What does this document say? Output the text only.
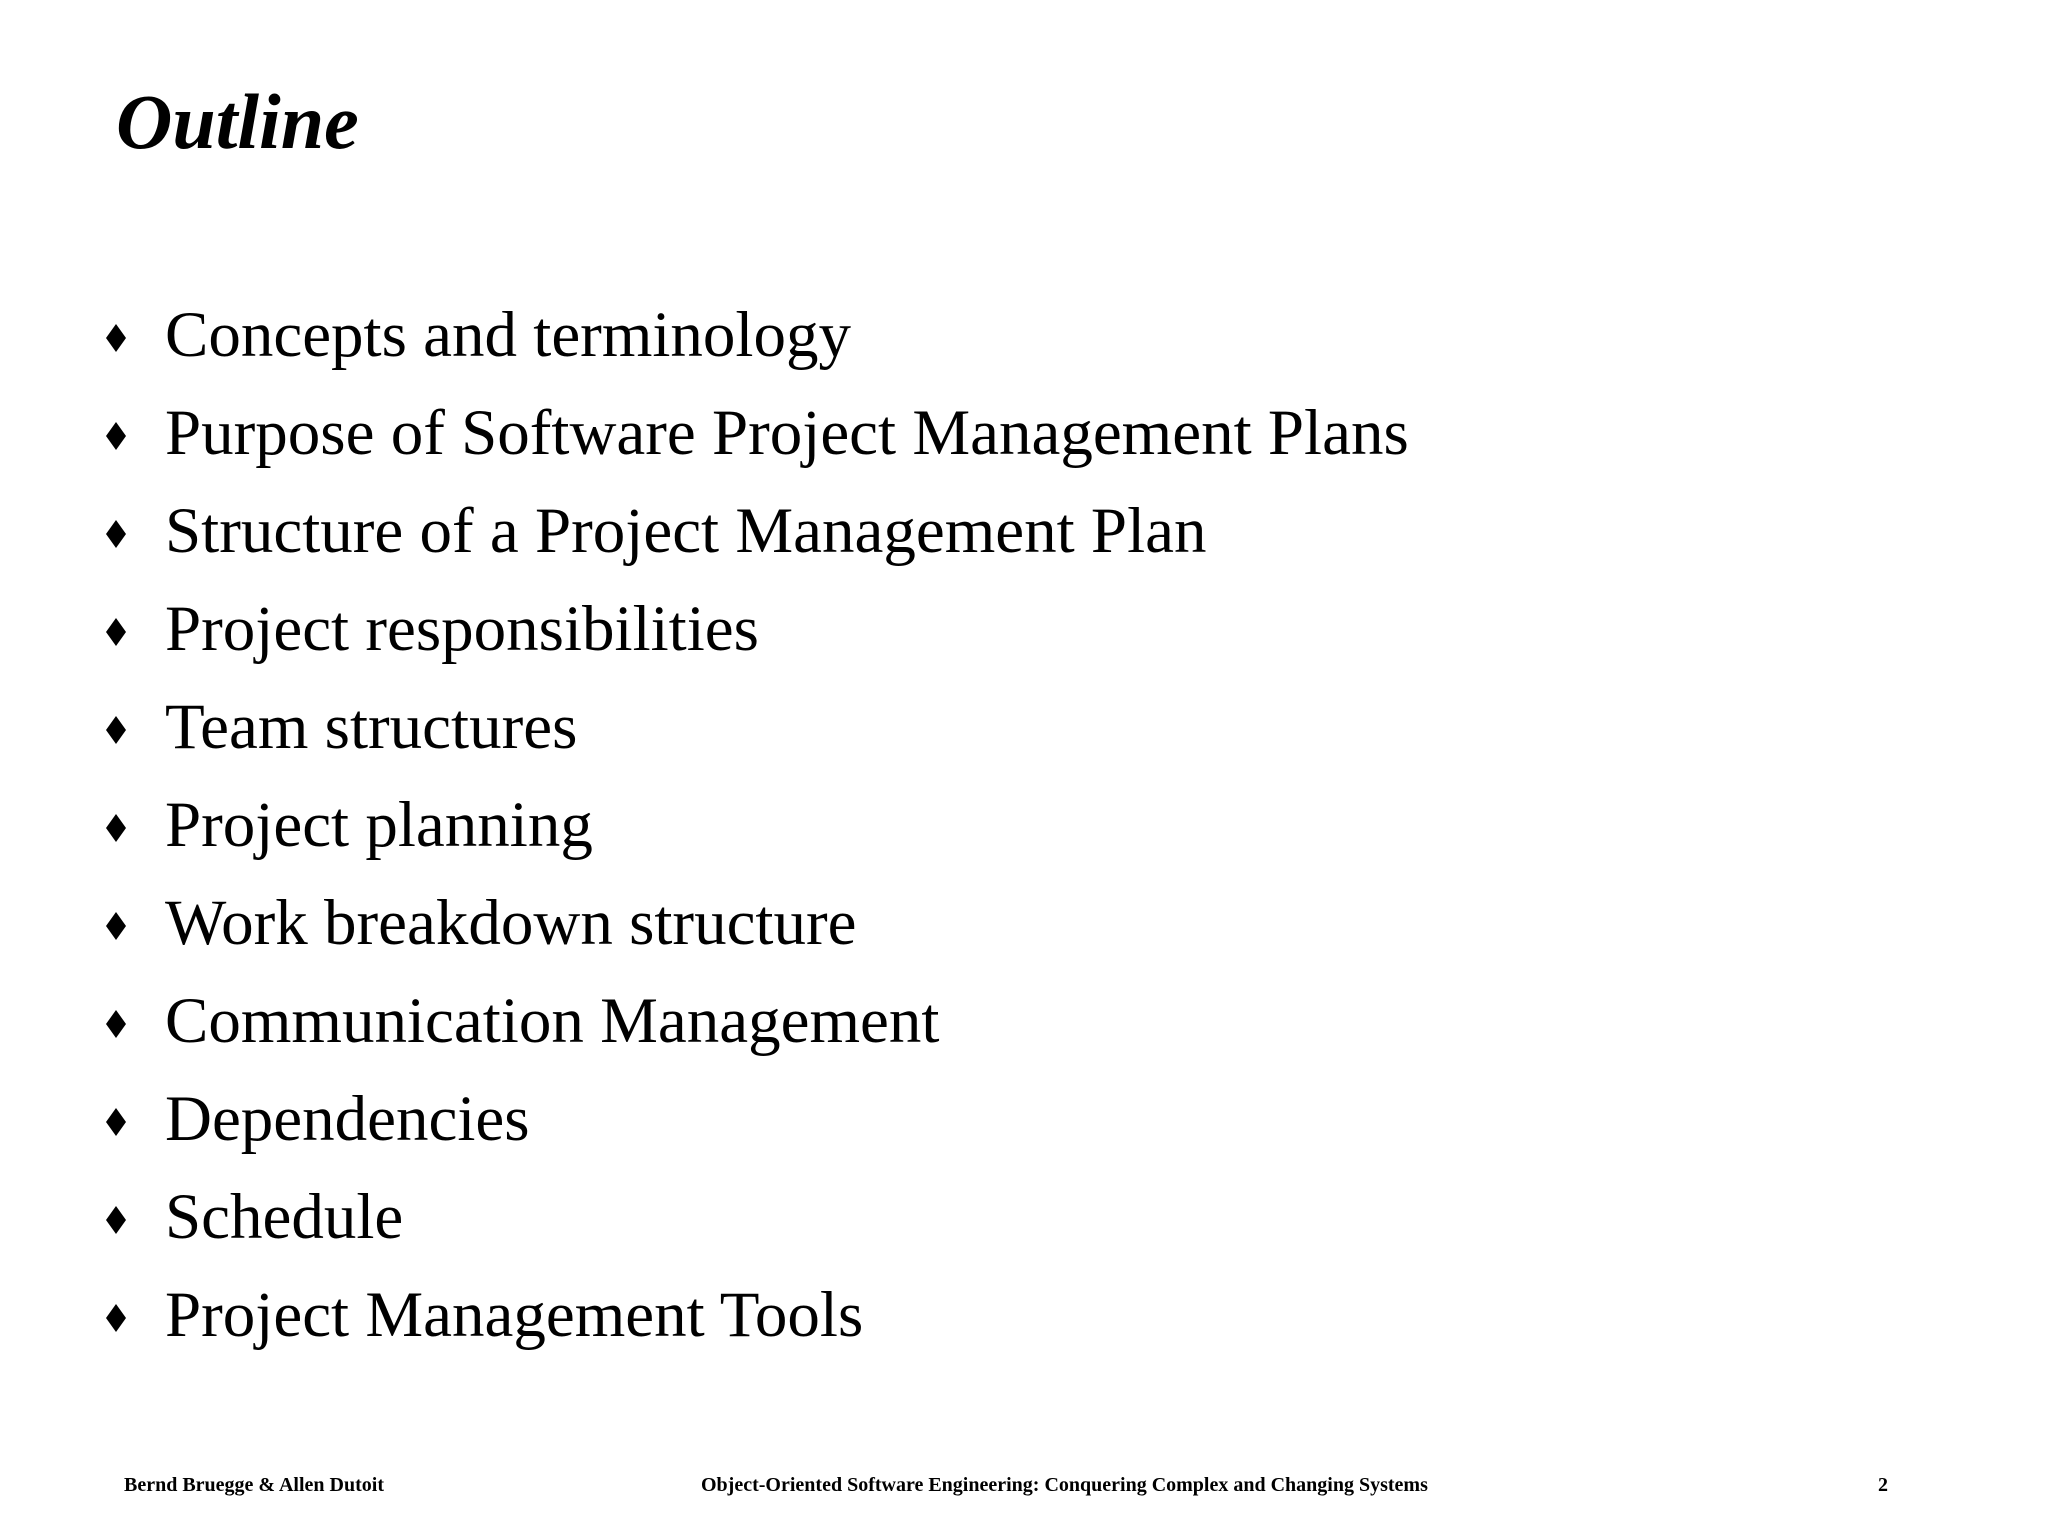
Outline
Concepts and terminology
Purpose of Software Project Management Plans
Structure of a Project Management Plan
Project responsibilities
Team structures
Project planning
Work breakdown structure
Communication Management
Dependencies
Schedule
Project Management Tools
Bernd Bruegge & Allen Dutoit	Object-Oriented Software Engineering: Conquering Complex and Changing Systems	2
